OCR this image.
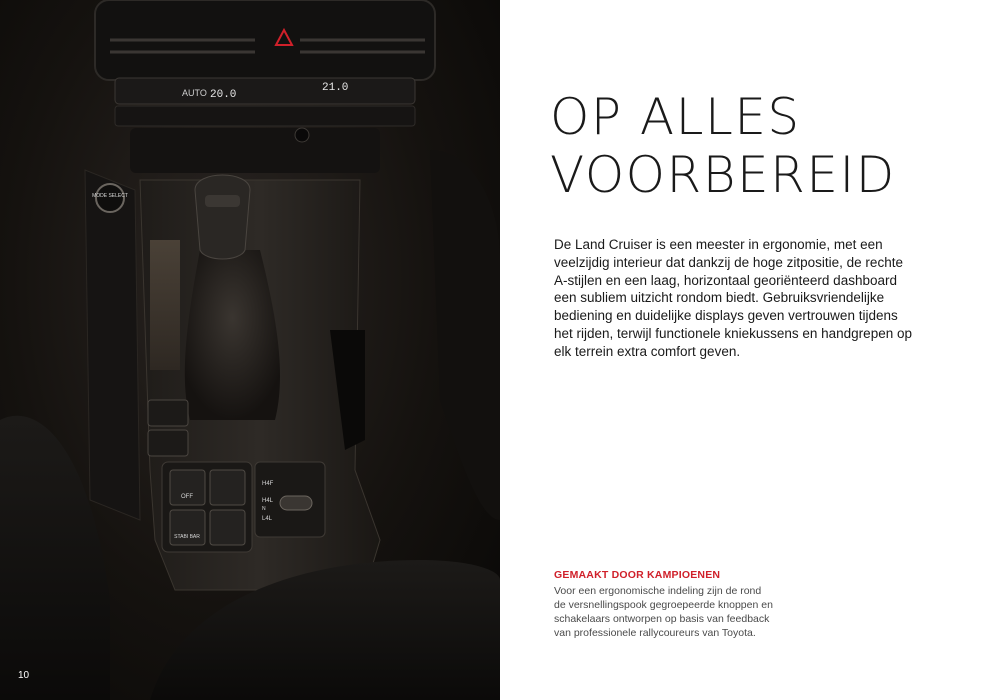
AUTO 20.0
21.0
MODE SELECT
OFF
STABI BAR
H4F
H4L
N
L4L
10
OP ALLES
VOORBEREID

De Land Cruiser is een meester in ergonomie, met een veelzijdig interieur dat dankzij de hoge zitpositie, de rechte A-stijlen en een laag, horizontaal georiënteerd dashboard een subliem uitzicht rondom biedt. Gebruiksvriendelijke bediening en duidelijke displays geven vertrouwen tijdens het rijden, terwijl functionele kniekussens en handgrepen op elk terrein extra comfort geven.

GEMAAKT DOOR KAMPIOENEN

Voor een ergonomische indeling zijn de rond de versnellingspook gegroepeerde knoppen en schakelaars ontworpen op basis van feedback van professionele rallycoureurs van Toyota.
